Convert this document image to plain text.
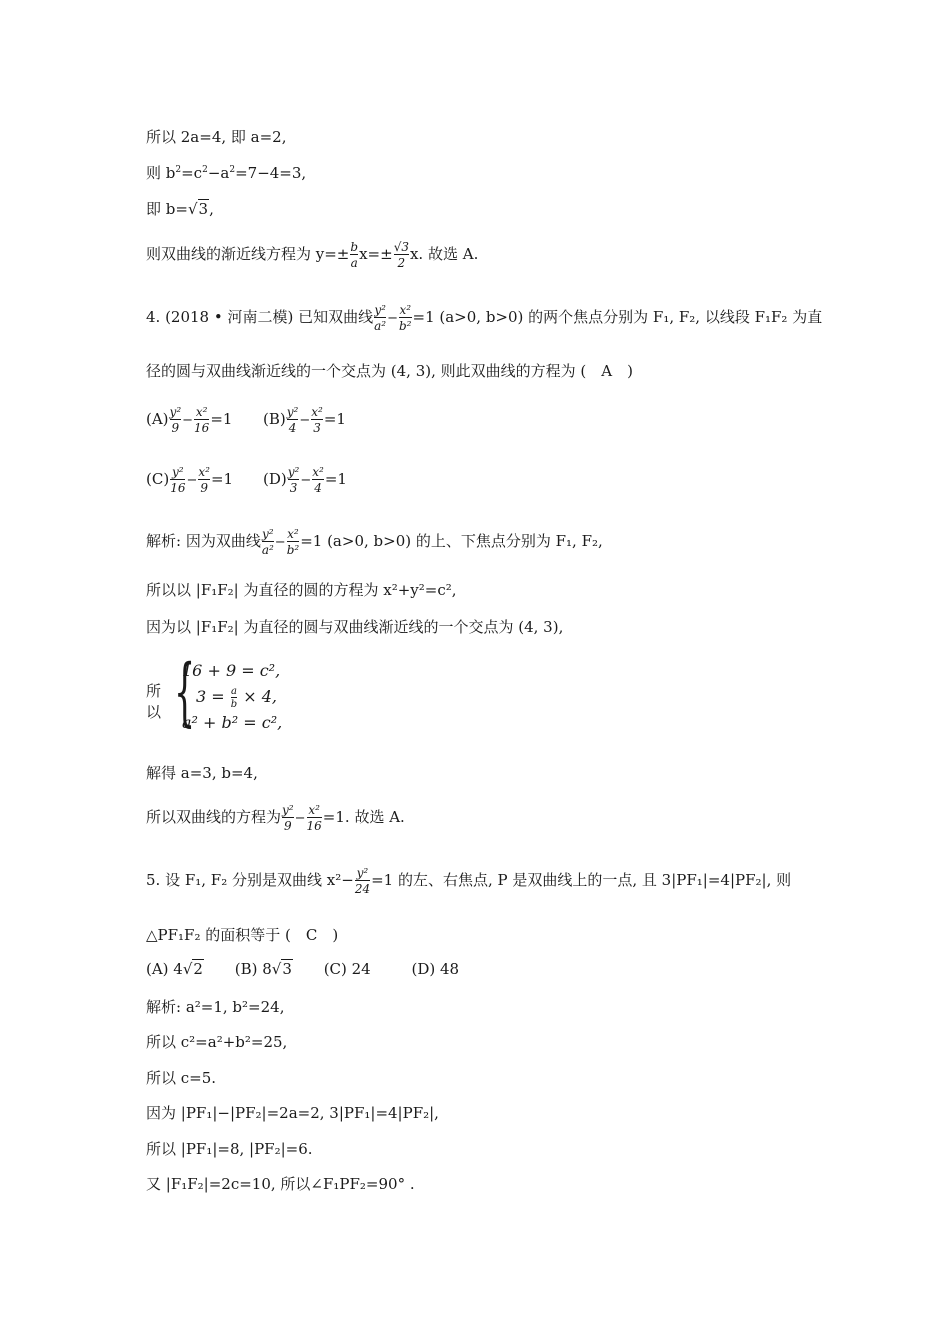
所以 2a=4, 即 a=2,
则 $b^2=c^2-a^2=7-4=3$,
即 b=√3,
则双曲线的渐近线方程为 $y=\pm \frac{b}{a} x=\pm \frac{√3}{2} x$. 故选 A.
4. (2018 • 河南二模) 已知双曲线 $\frac{\text{y²}}{\text{a²}} - \frac{\text{x²}}{\text{b²}} =1$ (a>0, b>0) 的两个焦点分别为 F₁, F₂, 以线段 F₁F₂ 为直
径的圆与双曲线渐近线的一个交点为 (4, 3), 则此双曲线的方程为 (　A　)
$(A) \frac{\text{y²}}{9} - \frac{\text{x²}}{16} =1$ $(B) \frac{\text{y²}}{4} - \frac{\text{x²}}{3} =1$
$(C) \frac{\text{y²}}{16} - \frac{\text{x²}}{9} =1$ $(D) \frac{\text{y²}}{3} - \frac{\text{x²}}{4} =1$
解析: 因为双曲线 $\frac{\text{y²}}{\text{a²}} - \frac{\text{x²}}{\text{b²}} =1$ (a>0, b>0) 的上、下焦点分别为 F₁, F₂,
所以以 |F₁F₂| 为直径的圆的方程为 x²+y²=c²,
因为以 |F₁F₂| 为直径的圆与双曲线渐近线的一个交点为 (4, 3),
所以 {
16 + 9 = c²,
$3 = \frac{a}{b} \times 4$,
a² + b² = c²,
解得 a=3, b=4,
所以双曲线的方程为 $\frac{\text{y²}}{9} - \frac{\text{x²}}{16} =1$. 故选 A.
5. 设 F₁, F₂ 分别是双曲线 $x^2- \frac{\text{y²}}{24} =1$ 的左、右焦点, P 是双曲线上的一点, 且 3|PF₁|=4|PF₂|, 则
△PF₁F₂ 的面积等于 (　C　)
(A) 4√2 (B) 8√3 (C) 24	(D) 48
解析: a²=1, b²=24,
所以 c²=a²+b²=25,
所以 c=5.
因为 |PF₁|−|PF₂|=2a=2, 3|PF₁|=4|PF₂|,
所以 |PF₁|=8, |PF₂|=6.
又 |F₁F₂|=2c=10, 所以∠F₁PF₂=90° .
